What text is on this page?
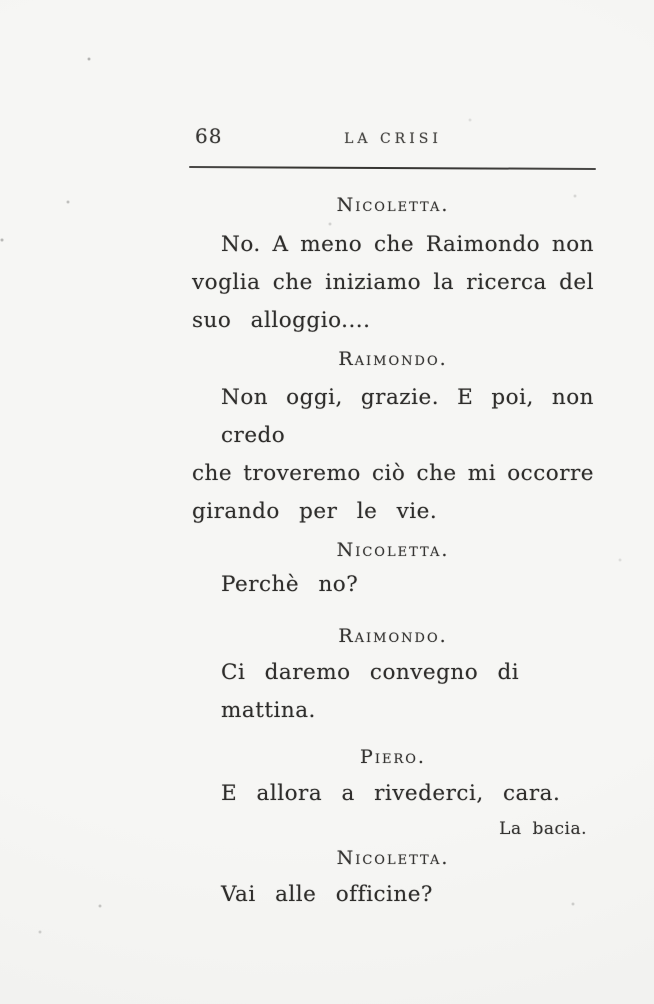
68	LA CRISI
Nicoletta.
No. A meno che Raimondo non
voglia che iniziamo la ricerca del
suo alloggio....
Raimondo.
Non oggi, grazie. E poi, non credo
che troveremo ciò che mi occorre
girando per le vie.
Nicoletta.
Perchè no?
Raimondo.
Ci daremo convegno di mattina.
Piero.
E allora a rivederci, cara.
La bacia.
Nicoletta.
Vai alle officine?
